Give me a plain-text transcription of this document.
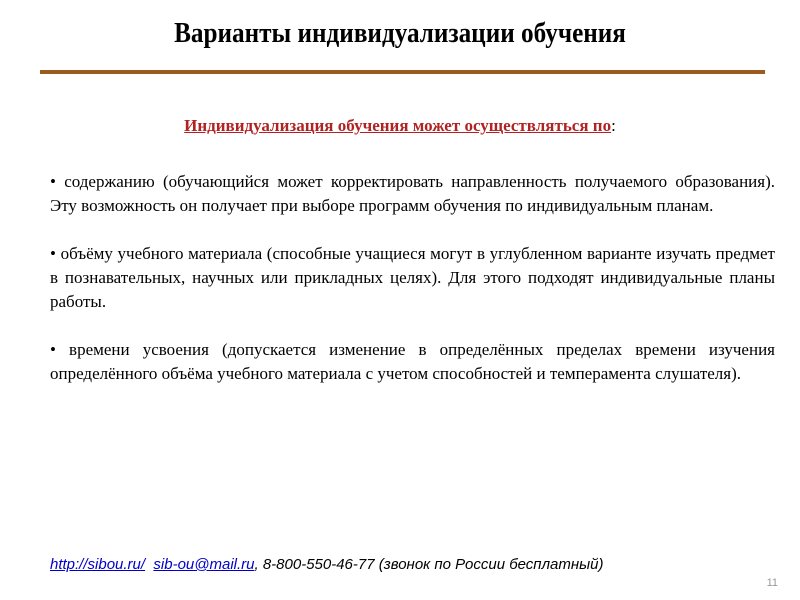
Варианты индивидуализации обучения
Индивидуализация обучения может осуществляться по:

• содержанию (обучающийся может корректировать направленность получаемого образования). Эту возможность он получает при выборе программ обучения по индивидуальным планам.

• объёму учебного материала (способные учащиеся могут в углубленном варианте изучать предмет в познавательных, научных или прикладных целях). Для этого подходят индивидуальные планы работы.

• времени усвоения (допускается изменение в определённых пределах времени изучения определённого объёма учебного материала с учетом способностей и темперамента слушателя).

http://sibou.ru/ sib-ou@mail.ru, 8-800-550-46-77 (звонок по России бесплатный)
11
